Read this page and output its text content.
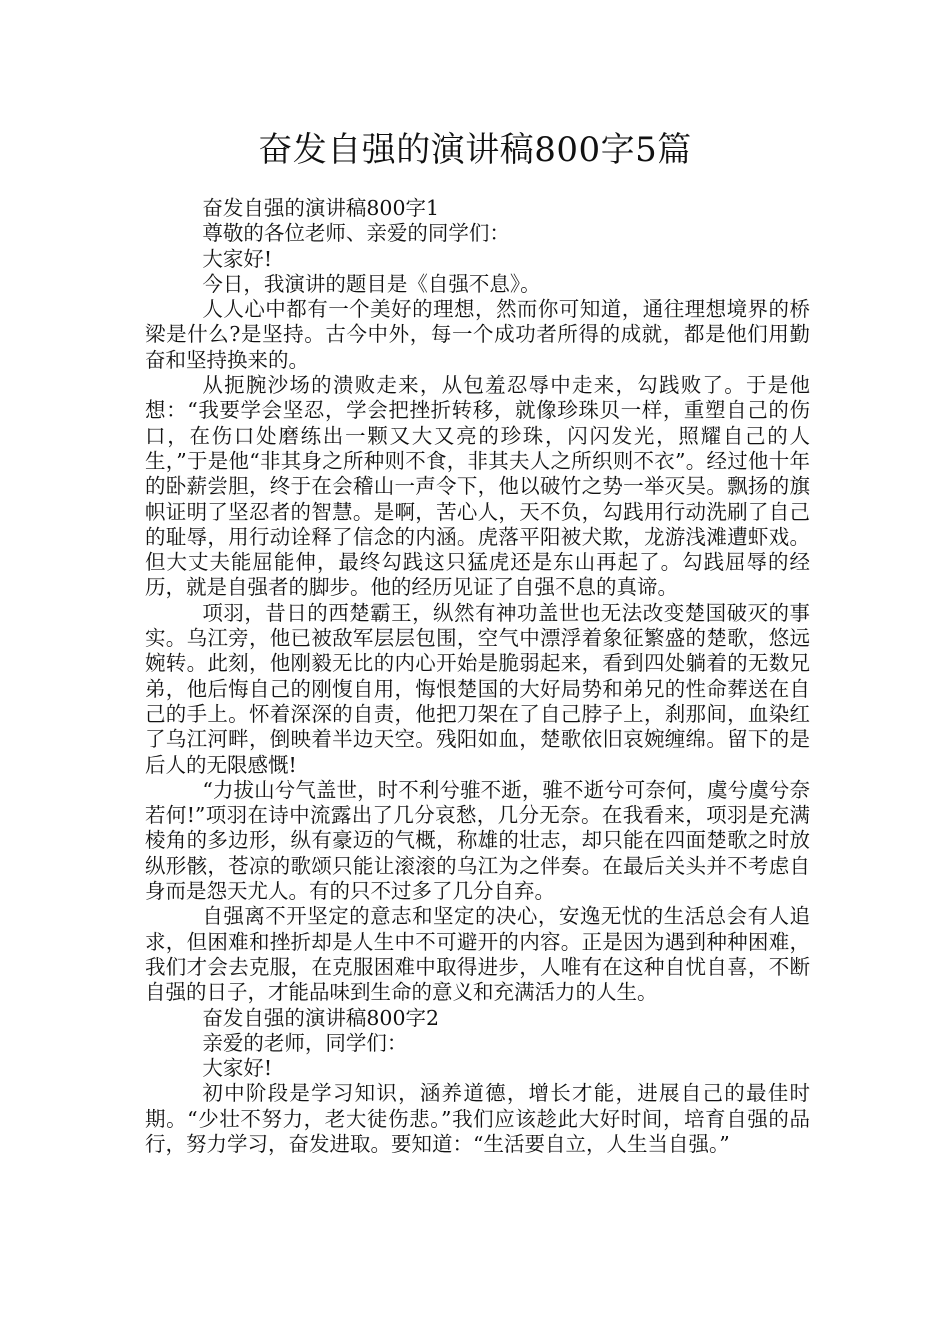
奋发自强的演讲稿800字5篇

奋发自强的演讲稿800字1

尊敬的各位老师、亲爱的同学们：

大家好!

今日，我演讲的题目是《自强不息》。

人人心中都有一个美好的理想，然而你可知道，通往理想境界的桥梁是什么?是坚持。古今中外，每一个成功者所得的成就，都是他们用勤奋和坚持换来的。

从扼腕沙场的溃败走来，从包羞忍辱中走来，勾践败了。于是他想：“我要学会坚忍，学会把挫折转移，就像珍珠贝一样，重塑自己的伤口，在伤口处磨练出一颗又大又亮的珍珠，闪闪发光，照耀自己的人生，”于是他“非其身之所种则不食，非其夫人之所织则不衣”。经过他十年的卧薪尝胆，终于在会稽山一声令下，他以破竹之势一举灭吴。飘扬的旗帜证明了坚忍者的智慧。是啊，苦心人，天不负，勾践用行动洗刷了自己的耻辱，用行动诠释了信念的内涵。虎落平阳被犬欺，龙游浅滩遭虾戏。但大丈夫能屈能伸，最终勾践这只猛虎还是东山再起了。勾践屈辱的经历，就是自强者的脚步。他的经历见证了自强不息的真谛。

项羽，昔日的西楚霸王，纵然有神功盖世也无法改变楚国破灭的事实。乌江旁，他已被敌军层层包围，空气中漂浮着象征繁盛的楚歌，悠远婉转。此刻，他刚毅无比的内心开始是脆弱起来，看到四处躺着的无数兄弟，他后悔自己的刚愎自用，悔恨楚国的大好局势和弟兄的性命葬送在自己的手上。怀着深深的自责，他把刀架在了自己脖子上，刹那间，血染红了乌江河畔，倒映着半边天空。残阳如血，楚歌依旧哀婉缠绵。留下的是后人的无限感慨!

“力拔山兮气盖世，时不利兮骓不逝，骓不逝兮可奈何，虞兮虞兮奈若何!”项羽在诗中流露出了几分哀愁，几分无奈。在我看来，项羽是充满棱角的多边形，纵有豪迈的气概，称雄的壮志，却只能在四面楚歌之时放纵形骸，苍凉的歌颂只能让滚滚的乌江为之伴奏。在最后关头并不考虑自身而是怨天尤人。有的只不过多了几分自弃。

自强离不开坚定的意志和坚定的决心，安逸无忧的生活总会有人追求，但困难和挫折却是人生中不可避开的内容。正是因为遇到种种困难，我们才会去克服，在克服困难中取得进步，人唯有在这种自忧自喜，不断自强的日子，才能品味到生命的意义和充满活力的人生。

奋发自强的演讲稿800字2

亲爱的老师，同学们：

大家好!

初中阶段是学习知识，涵养道德，增长才能，进展自己的最佳时期。“少壮不努力，老大徒伤悲。”我们应该趁此大好时间，培育自强的品行，努力学习，奋发进取。要知道：“生活要自立，人生当自强。”
